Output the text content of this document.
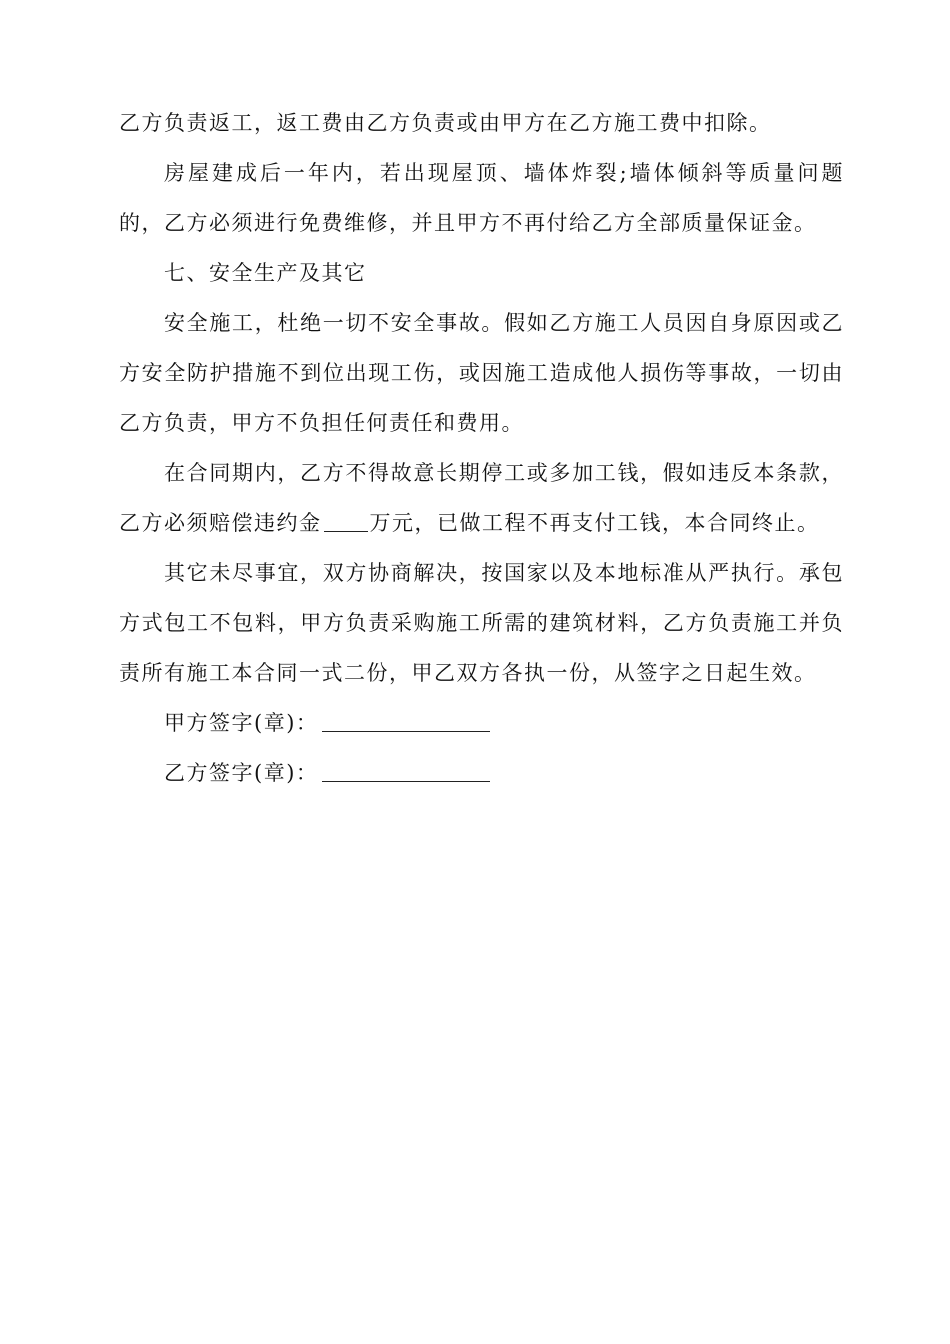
乙方负责返工，返工费由乙方负责或由甲方在乙方施工费中扣除。

房屋建成后一年内，若出现屋顶、墙体炸裂;墙体倾斜等质量问题的，乙方必须进行免费维修，并且甲方不再付给乙方全部质量保证金。

七、安全生产及其它

安全施工，杜绝一切不安全事故。假如乙方施工人员因自身原因或乙方安全防护措施不到位出现工伤，或因施工造成他人损伤等事故，一切由乙方负责，甲方不负担任何责任和费用。

在合同期内，乙方不得故意长期停工或多加工钱，假如违反本条款，乙方必须赔偿违约金 万元，已做工程不再支付工钱，本合同终止。

其它未尽事宜，双方协商解决，按国家以及本地标准从严执行。承包方式包工不包料，甲方负责采购施工所需的建筑材料，乙方负责施工并负责所有施工本合同一式二份，甲乙双方各执一份，从签字之日起生效。

甲方签字(章)：

乙方签字(章)：
